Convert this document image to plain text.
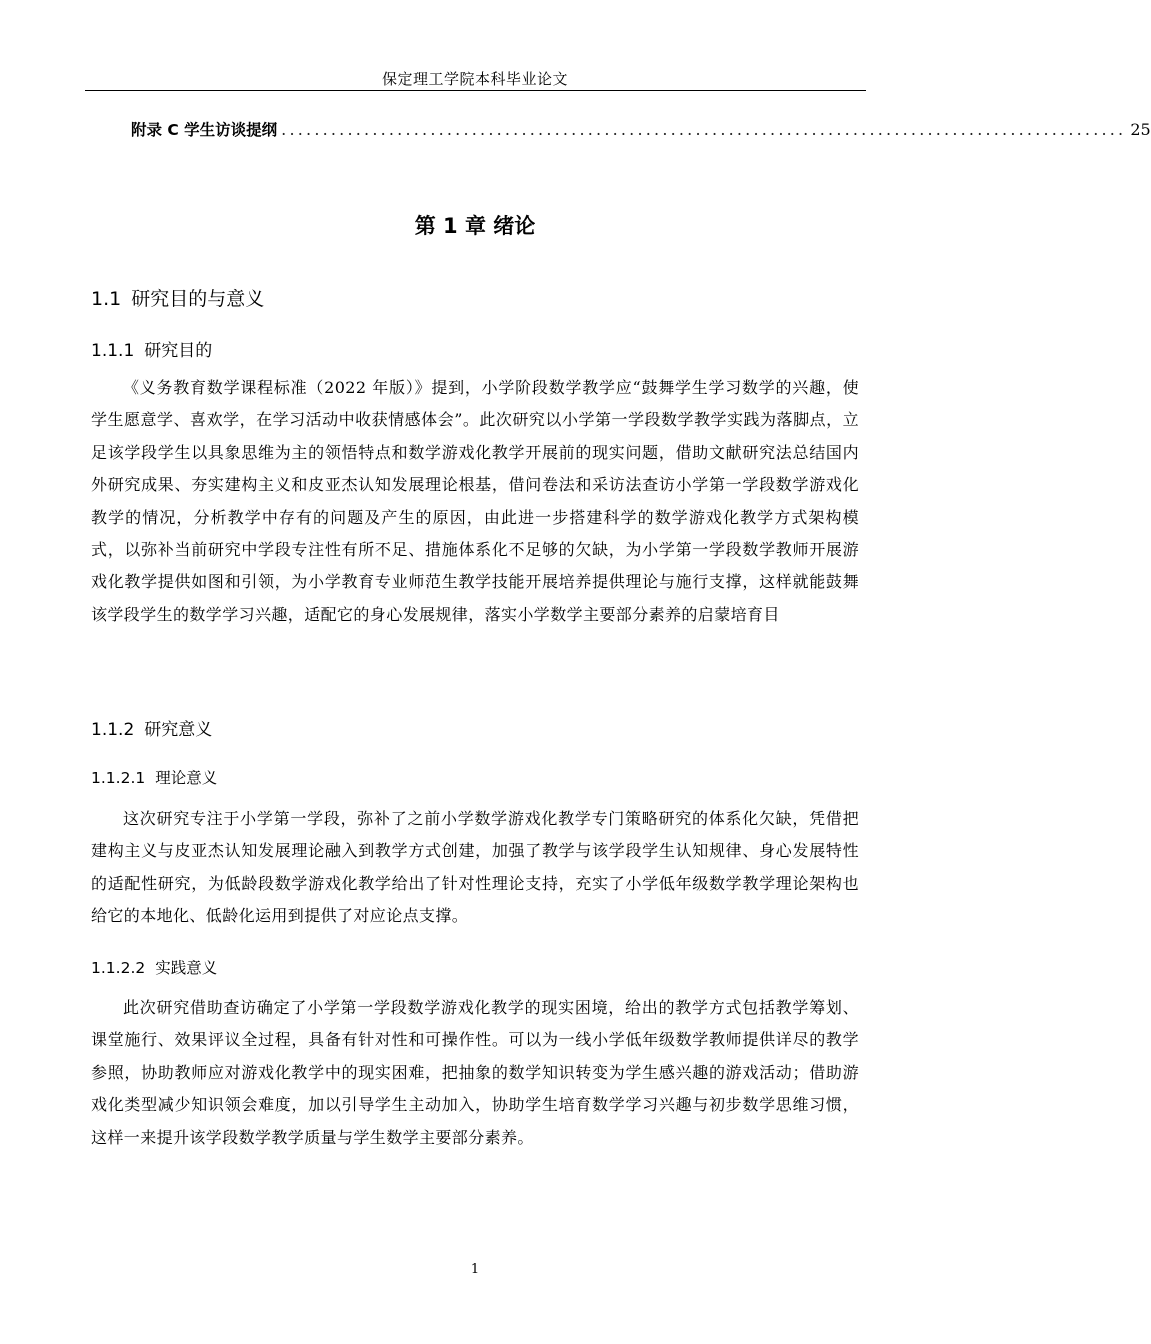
保定理工学院本科毕业论文
附录 C 学生访谈提纲 ...................................................................................................... 25
第 1 章 绪论
1.1 研究目的与意义
1.1.1 研究目的

《义务教育数学课程标准（2022 年版）》提到，小学阶段数学教学应“鼓舞学生学习数学的兴趣，使学生愿意学、喜欢学，在学习活动中收获情感体会”。此次研究以小学第一学段数学教学实践为落脚点，立足该学段学生以具象思维为主的领悟特点和数学游戏化教学开展前的现实问题，借助文献研究法总结国内外研究成果、夯实建构主义和皮亚杰认知发展理论根基，借问卷法和采访法查访小学第一学段数学游戏化教学的情况，分析教学中存有的问题及产生的原因，由此进一步搭建科学的数学游戏化教学方式架构模式，以弥补当前研究中学段专注性有所不足、措施体系化不足够的欠缺，为小学第一学段数学教师开展游戏化教学提供如图和引领，为小学教育专业师范生教学技能开展培养提供理论与施行支撑，这样就能鼓舞该学段学生的数学学习兴趣，适配它的身心发展规律，落实小学数学主要部分素养的启蒙培育目

1.1.2 研究意义
1.1.2.1 理论意义

这次研究专注于小学第一学段，弥补了之前小学数学游戏化教学专门策略研究的体系化欠缺，凭借把建构主义与皮亚杰认知发展理论融入到教学方式创建，加强了教学与该学段学生认知规律、身心发展特性的适配性研究，为低龄段数学游戏化教学给出了针对性理论支持，充实了小学低年级数学教学理论架构也给它的本地化、低龄化运用到提供了对应论点支撑。

1.1.2.2 实践意义

此次研究借助查访确定了小学第一学段数学游戏化教学的现实困境，给出的教学方式包括教学筹划、课堂施行、效果评议全过程，具备有针对性和可操作性。可以为一线小学低年级数学教师提供详尽的教学参照，协助教师应对游戏化教学中的现实困难，把抽象的数学知识转变为学生感兴趣的游戏活动；借助游戏化类型减少知识领会难度，加以引导学生主动加入，协助学生培育数学学习兴趣与初步数学思维习惯，这样一来提升该学段数学教学质量与学生数学主要部分素养。

1
